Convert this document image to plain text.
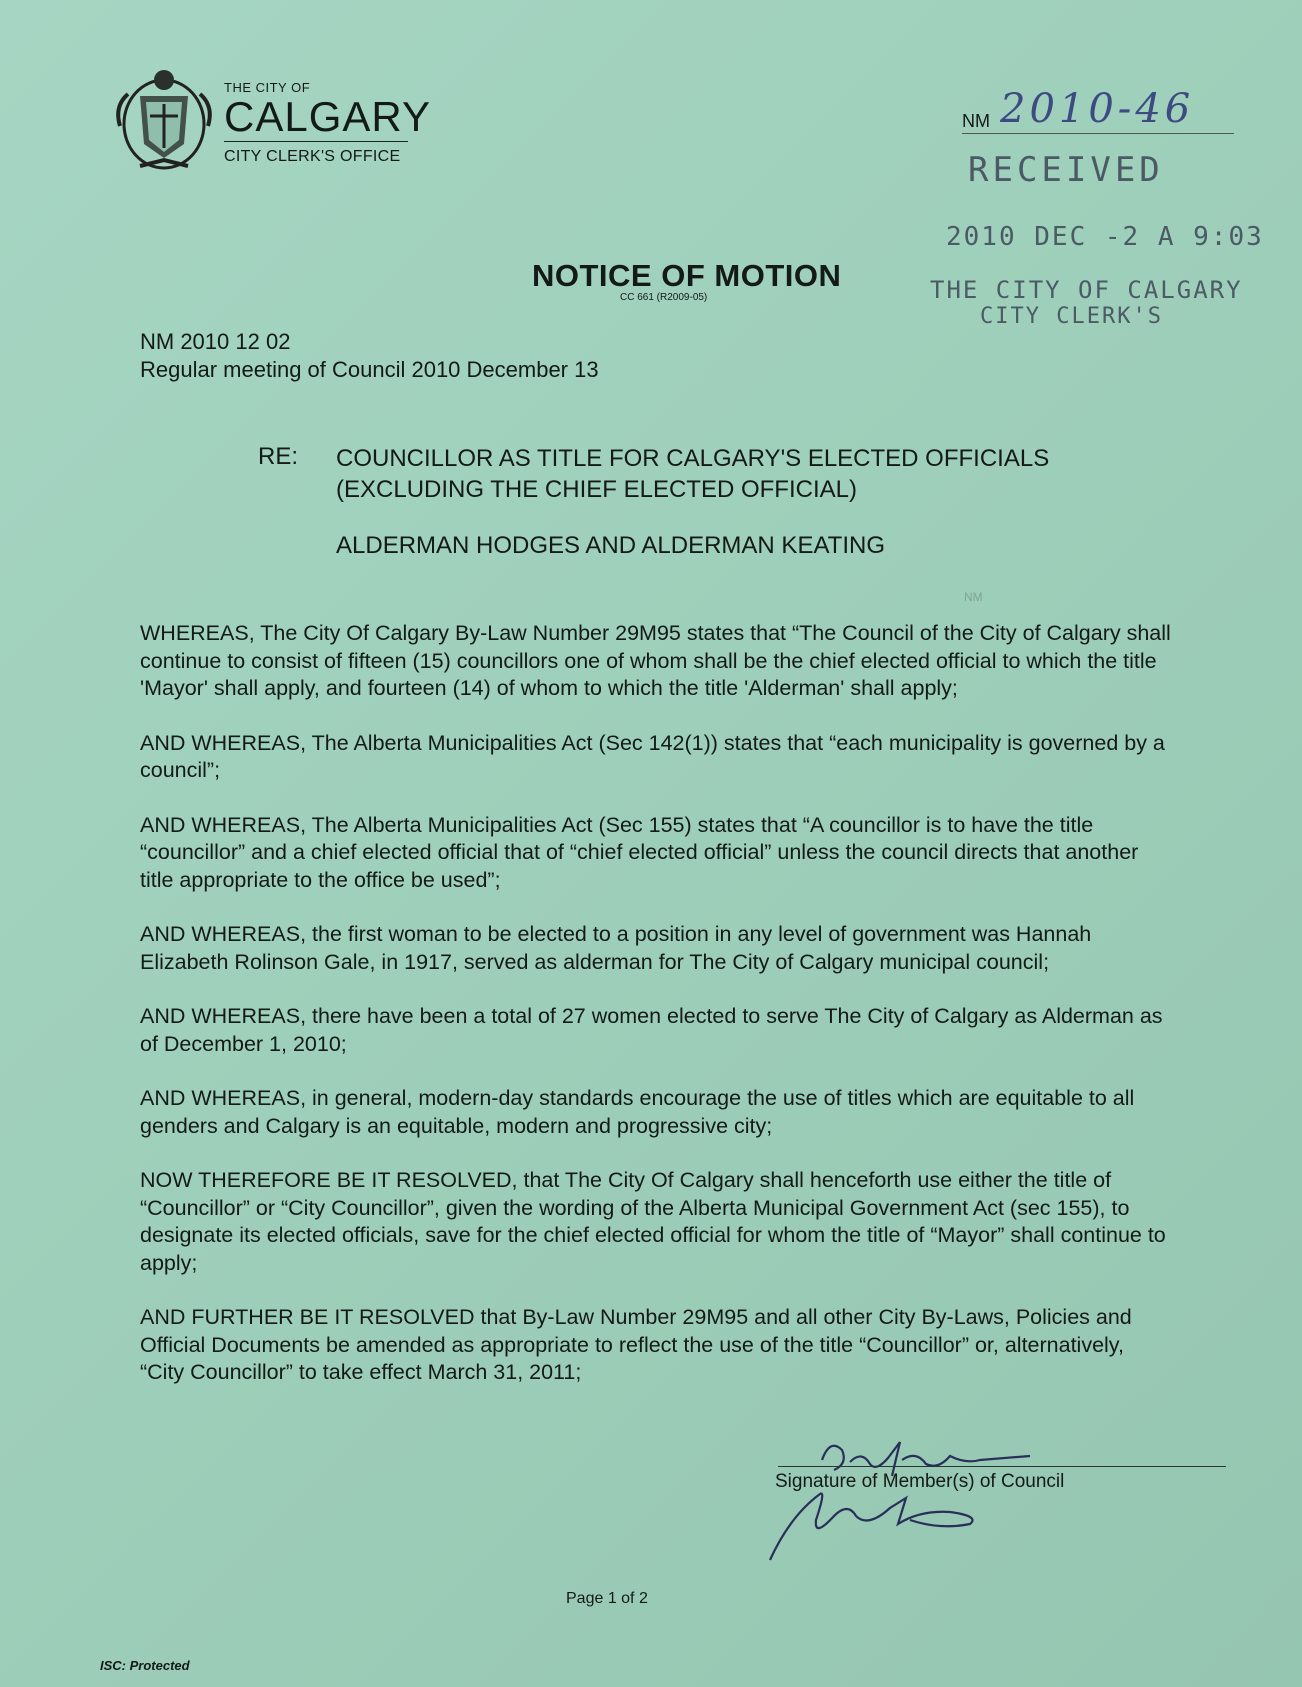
THE CITY OF
CALGARY
CITY CLERK'S OFFICE
NM 2010-46
RECEIVED
2010 DEC -2 A 9:03
THE CITY OF CALGARY
CITY CLERK'S
NOTICE OF MOTION
CC 661 (R2009-05)
NM 2010 12 02
Regular meeting of Council 2010 December 13
RE: COUNCILLOR AS TITLE FOR CALGARY'S ELECTED OFFICIALS
(EXCLUDING THE CHIEF ELECTED OFFICIAL)
ALDERMAN HODGES AND ALDERMAN KEATING
NM

WHEREAS, The City Of Calgary By-Law Number 29M95 states that “The Council of the City of Calgary shall continue to consist of fifteen (15) councillors one of whom shall be the chief elected official to which the title 'Mayor' shall apply, and fourteen (14) of whom to which the title 'Alderman' shall apply;

AND WHEREAS, The Alberta Municipalities Act (Sec 142(1)) states that “each municipality is governed by a council”;

AND WHEREAS, The Alberta Municipalities Act (Sec 155) states that “A councillor is to have the title “councillor” and a chief elected official that of “chief elected official” unless the council directs that another title appropriate to the office be used”;

AND WHEREAS, the first woman to be elected to a position in any level of government was Hannah Elizabeth Rolinson Gale, in 1917, served as alderman for The City of Calgary municipal council;

AND WHEREAS, there have been a total of 27 women elected to serve The City of Calgary as Alderman as of December 1, 2010;

AND WHEREAS, in general, modern-day standards encourage the use of titles which are equitable to all genders and Calgary is an equitable, modern and progressive city;

NOW THEREFORE BE IT RESOLVED, that The City Of Calgary shall henceforth use either the title of “Councillor” or “City Councillor”, given the wording of the Alberta Municipal Government Act (sec 155), to designate its elected officials, save for the chief elected official for whom the title of “Mayor” shall continue to apply;

AND FURTHER BE IT RESOLVED that By-Law Number 29M95 and all other City By-Laws, Policies and Official Documents be amended as appropriate to reflect the use of the title “Councillor” or, alternatively, “City Councillor” to take effect March 31, 2011;

Signature of Member(s) of Council
Page 1 of 2
ISC: Protected
